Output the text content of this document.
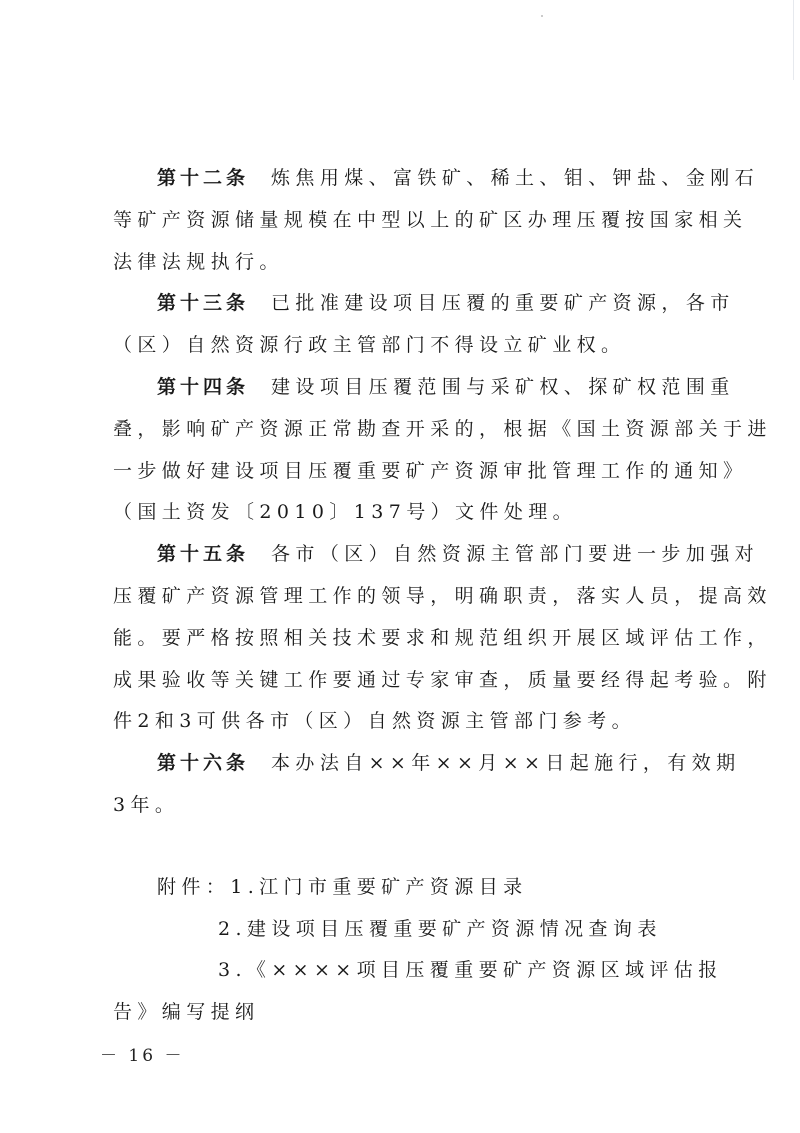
第十二条 炼焦用煤、富铁矿、稀土、钼、钾盐、金刚石
等矿产资源储量规模在中型以上的矿区办理压覆按国家相关
法律法规执行。
第十三条 已批准建设项目压覆的重要矿产资源，各市
（区）自然资源行政主管部门不得设立矿业权。
第十四条 建设项目压覆范围与采矿权、探矿权范围重
叠，影响矿产资源正常勘查开采的，根据《国土资源部关于进
一步做好建设项目压覆重要矿产资源审批管理工作的通知》
（国土资发〔2010〕137号）文件处理。
第十五条 各市（区）自然资源主管部门要进一步加强对
压覆矿产资源管理工作的领导，明确职责，落实人员，提高效
能。要严格按照相关技术要求和规范组织开展区域评估工作，
成果验收等关键工作要通过专家审查，质量要经得起考验。附
件2和3可供各市（区）自然资源主管部门参考。
第十六条 本办法自××年××月××日起施行，有效期
3年。
附件：1.江门市重要矿产资源目录
2.建设项目压覆重要矿产资源情况查询表
3.《××××项目压覆重要矿产资源区域评估报
告》编写提纲
－ 16 －
